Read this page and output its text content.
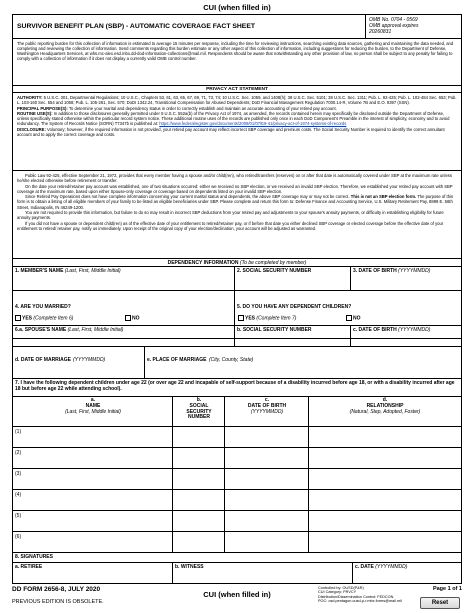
CUI (when filled in)
SURVIVOR BENEFIT PLAN (SBP) - AUTOMATIC COVERAGE FACT SHEET
OMB No. 0704 - 0569
OMB approval expires
20260831
The public reporting burden for this collection of information is estimated to average 15 minutes per response, including the time for reviewing instructions, searching existing data sources, gathering and maintaining the data needed, and completing and reviewing the collection of information. Send comments regarding this burden estimate or any other aspect of this collection of information, including suggestions for reducing the burden, to the Department of Defense, Washington Headquarters Services, at whs.mc-alex.esd.mbx.dd-dod-information-collections@mail.mil. Respondents should be aware that notwithstanding any other provision of law, no person shall be subject to any penalty for failing to comply with a collection of information if it does not display a currently valid OMB control number.
PRIVACY ACT STATEMENT

AUTHORITY: 5 U.S.C. 301, Departmental Regulations; 10 U.S.C., Chapters 53, 61, 63, 65, 67, 69, 71, 73, 74; 10 U.S.C. Sec. 1059, and 1408(h); 38 U.S.C. Sec. 5101; 38 U.S.C. Sec. 1311; Pub. L. 92-425; Pub. L. 102-484 Sec. 653; Pub. L. 103-160 Sec. 554 and 1058; Pub. L. 105-261, Sec. 570; DoDI 1342.24, Transitional Compensation for Abused Dependents; DoD Financial Management Regulation 7000.14-R, Volume 7B and E.O. 9397 (SSN).

PRINCIPAL PURPOSE(S): To determine your marital and dependency status in order to correctly establish and maintain an accurate accounting of your retired pay account.

ROUTINE USE(S): In addition to those disclosures generally permitted under 5 U.S.C. 552a(b) of the Privacy Act of 1974, as amended, the records contained herein may specifically be disclosed outside the Department of Defense, unless specifically stated otherwise within the particular record system notice. These additional routine uses of the records are published only once in each DoD Component's Preamble in the interest of simplicity, economy and to avoid redundancy. The System of Records Notice (SORN) T7347b is published at: https://www.federalregister.gov/documents/2009/01/07/E9-41/privacy-act-of-1974-systems-of-records

DISCLOSURE: Voluntary; however, if the required information is not provided, your retired pay account may reflect incorrect SBP coverage and premium costs. The Social Security Number is required to identify the correct annuitant account and to apply the correct coverage and costs.

Public Law 92-425, effective September 21, 1972, provides that every member having a spouse and/or child(ren), who retired/transfers (reserves) on or after that date is automatically covered under SBP at the maximum rate unless he/she elected otherwise before retirement or transfer.

On the date your retired/retainer pay account was established, one of two situations occurred: either we received no SBP election, or we received an invalid SBP election. Therefore, we established your retired pay account with SBP coverage at the maximum rate, based upon either Spouse-only coverage or coverage based on dependents listed on your invalid SBP election.

Since Retired Pay Operations does not have complete information concerning your current marital status and dependents, the above SBP coverage may or may not be correct. This is not an SBP election form. The purpose of this form is to obtain a listing of all eligible members of your family to be listed as eligible beneficiaries under SBP. Please complete and return this form to: Defense Finance and Accounting Service, U.S. Military Retirement Pay, 8899 E. 56th Street, Indianapolis, IN 46249-1200.

You are not required to provide this information, but failure to do so may result in incorrect SBP deductions from your retired pay and adjustments to your spouse's annuity payments, or difficulty in establishing eligibility for future annuity payments.

If you did not have a spouse or dependent child(ren) as of the effective date of your entitlement to retired/retainer pay, or if before that date you either declined SBP coverage or elected coverage before the effective date of your entitlement to retired/ retainer pay, notify us immediately. Upon receipt of the original copy of your election/declination, your account will be adjusted as warranted.

DEPENDENCY INFORMATION (To be completed by member)
1. MEMBER'S NAME (Last, First, Middle Initial)	2. SOCIAL SECURITY NUMBER	3. DATE OF BIRTH (YYYYMMDD)
4. ARE YOU MARRIED?
YES (Complete Item 6)	NO
5. DO YOU HAVE ANY DEPENDENT CHILDREN?
YES (Complete Item 7)	NO
6.a. SPOUSE'S NAME (Last, First, Middle Initial)	b. SOCIAL SECURITY NUMBER	c. DATE OF BIRTH (YYYYMMDD)
d. DATE OF MARRIAGE (YYYYMMDD)	e. PLACE OF MARRIAGE (City, County, State)
7. I have the following dependent children under age 22 (or over age 22 and incapable of self-support because of a disability incurred before age 18, or with a disability incurred after age 18 but before age 22 while attending school).
a.
NAME
(Last, First, Middle Initial)
b.
SOCIAL
SECURITY
NUMBER
c.
DATE OF BIRTH
(YYYYMMDD)
d.
RELATIONSHIP
(Natural, Step, Adopted, Foster)
(1)
(2)
(3)
(4)
(5)
(6)
8. SIGNATURES
a. RETIREE	b. WITNESS	c. DATE (YYYYMMDD)
DD FORM 2656-8, JULY 2020
PREVIOUS EDITION IS OBSOLETE.
CUI (when filled in)
Controlled by: OUSD(P&R)
CUI Category: PRVCY
Distribution/Dissemination Control: FEDCON
POC: osd.pentagon.ousd-p-r.mbx.forms@mail.mil
Page 1 of 1
Reset
